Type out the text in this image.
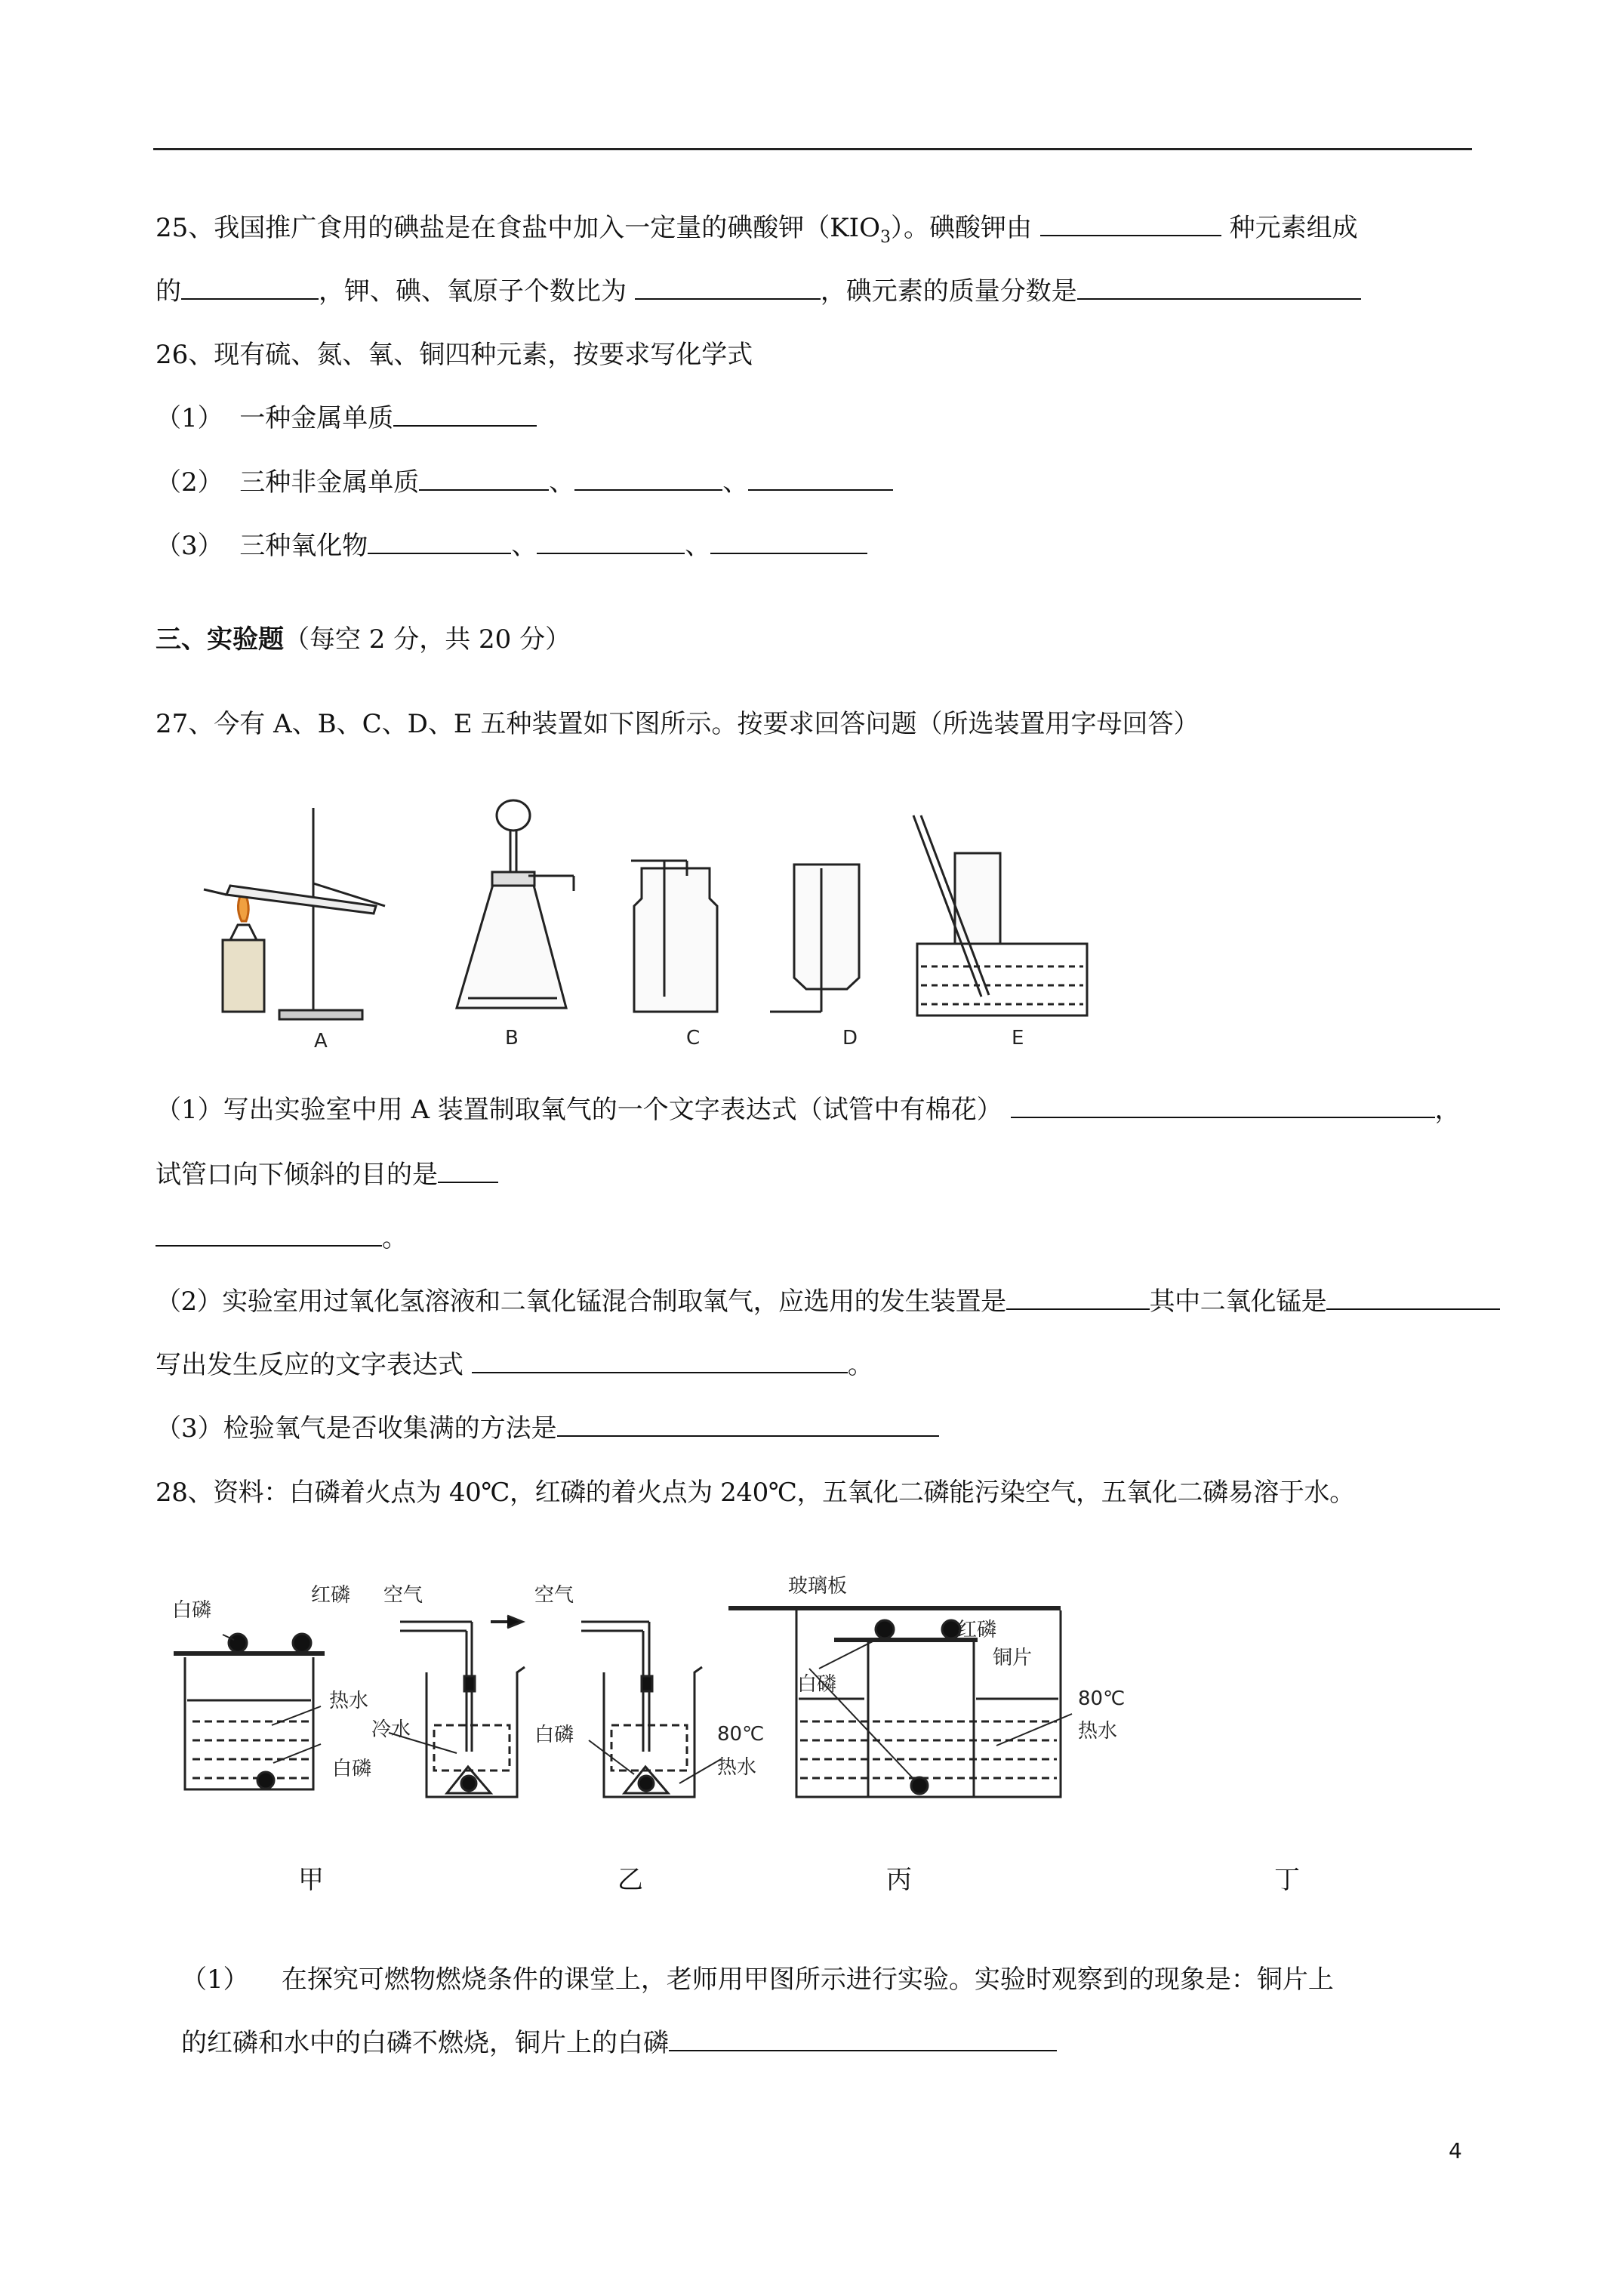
25、我国推广食用的碘盐是在食盐中加入一定量的碘酸钾$(KIO_3)$。碘酸钾由	种元素组成
的	，钾、碘、氧原子个数比为	，碘元素的质量分数是
26、现有硫、氮、氧、铜四种元素，按要求写化学式
（1） 一种金属单质
（2） 三种非金属单质	、	、
（3） 三种氧化物	、	、
三、实验题（每空 2 分，共 20 分）
27、今有 A、B、C、D、E 五种装置如下图所示。按要求回答问题（所选装置用字母回答）
A	B	C	D	E
（1）写出实验室中用 A 装置制取氧气的一个文字表达式（试管中有棉花）	，
试管口向下倾斜的目的是
。
（2）实验室用过氧化氢溶液和二氧化锰混合制取氧气，应选用的发生装置是	其中二氧化锰是
写出发生反应的文字表达式	。
（3）检验氧气是否收集满的方法是
28、资料：白磷着火点为 40℃，红磷的着火点为 240℃，五氧化二磷能污染空气，五氧化二磷易溶于水。
白磷
红磷 空气	空气
热水
冷水
白磷
白磷	80℃
热水
玻璃板
红磷
铜片
白磷
80℃
热水
甲	乙	丙	丁
（1） 在探究可燃物燃烧条件的课堂上，老师用甲图所示进行实验。实验时观察到的现象是：铜片上
的红磷和水中的白磷不燃烧，铜片上的白磷
4
